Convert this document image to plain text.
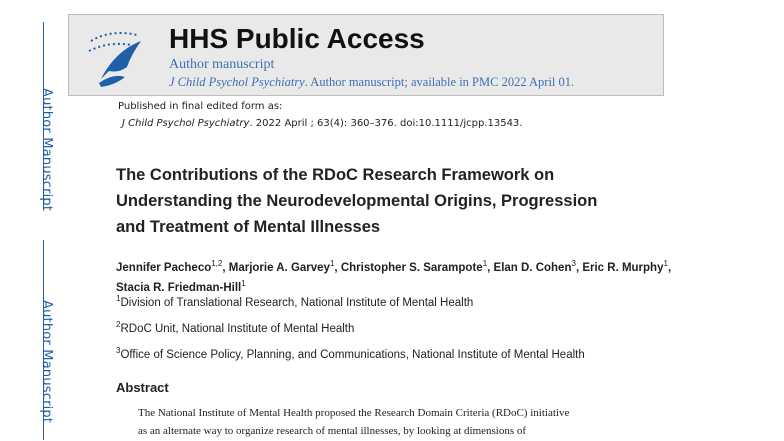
Author Manuscript
Author Manuscript
HHS Public Access
Author manuscript
J Child Psychol Psychiatry. Author manuscript; available in PMC 2022 April 01.
Published in final edited form as:
J Child Psychol Psychiatry. 2022 April ; 63(4): 360–376. doi:10.1111/jcpp.13543.
The Contributions of the RDoC Research Framework on
Understanding the Neurodevelopmental Origins, Progression
and Treatment of Mental Illnesses
Jennifer Pacheco$^{1,2}$, Marjorie A. Garvey$^1$, Christopher S. Sarampote$^1$, Elan D. Cohen$^3$, Eric R. Murphy$^1$, Stacia R. Friedman-Hill$^1$
$^1$Division of Translational Research, National Institute of Mental Health
$^2$RDoC Unit, National Institute of Mental Health
$^3$Office of Science Policy, Planning, and Communications, National Institute of Mental Health
Abstract
The National Institute of Mental Health proposed the Research Domain Criteria (RDoC) initiative
as an alternate way to organize research of mental illnesses, by looking at dimensions of
